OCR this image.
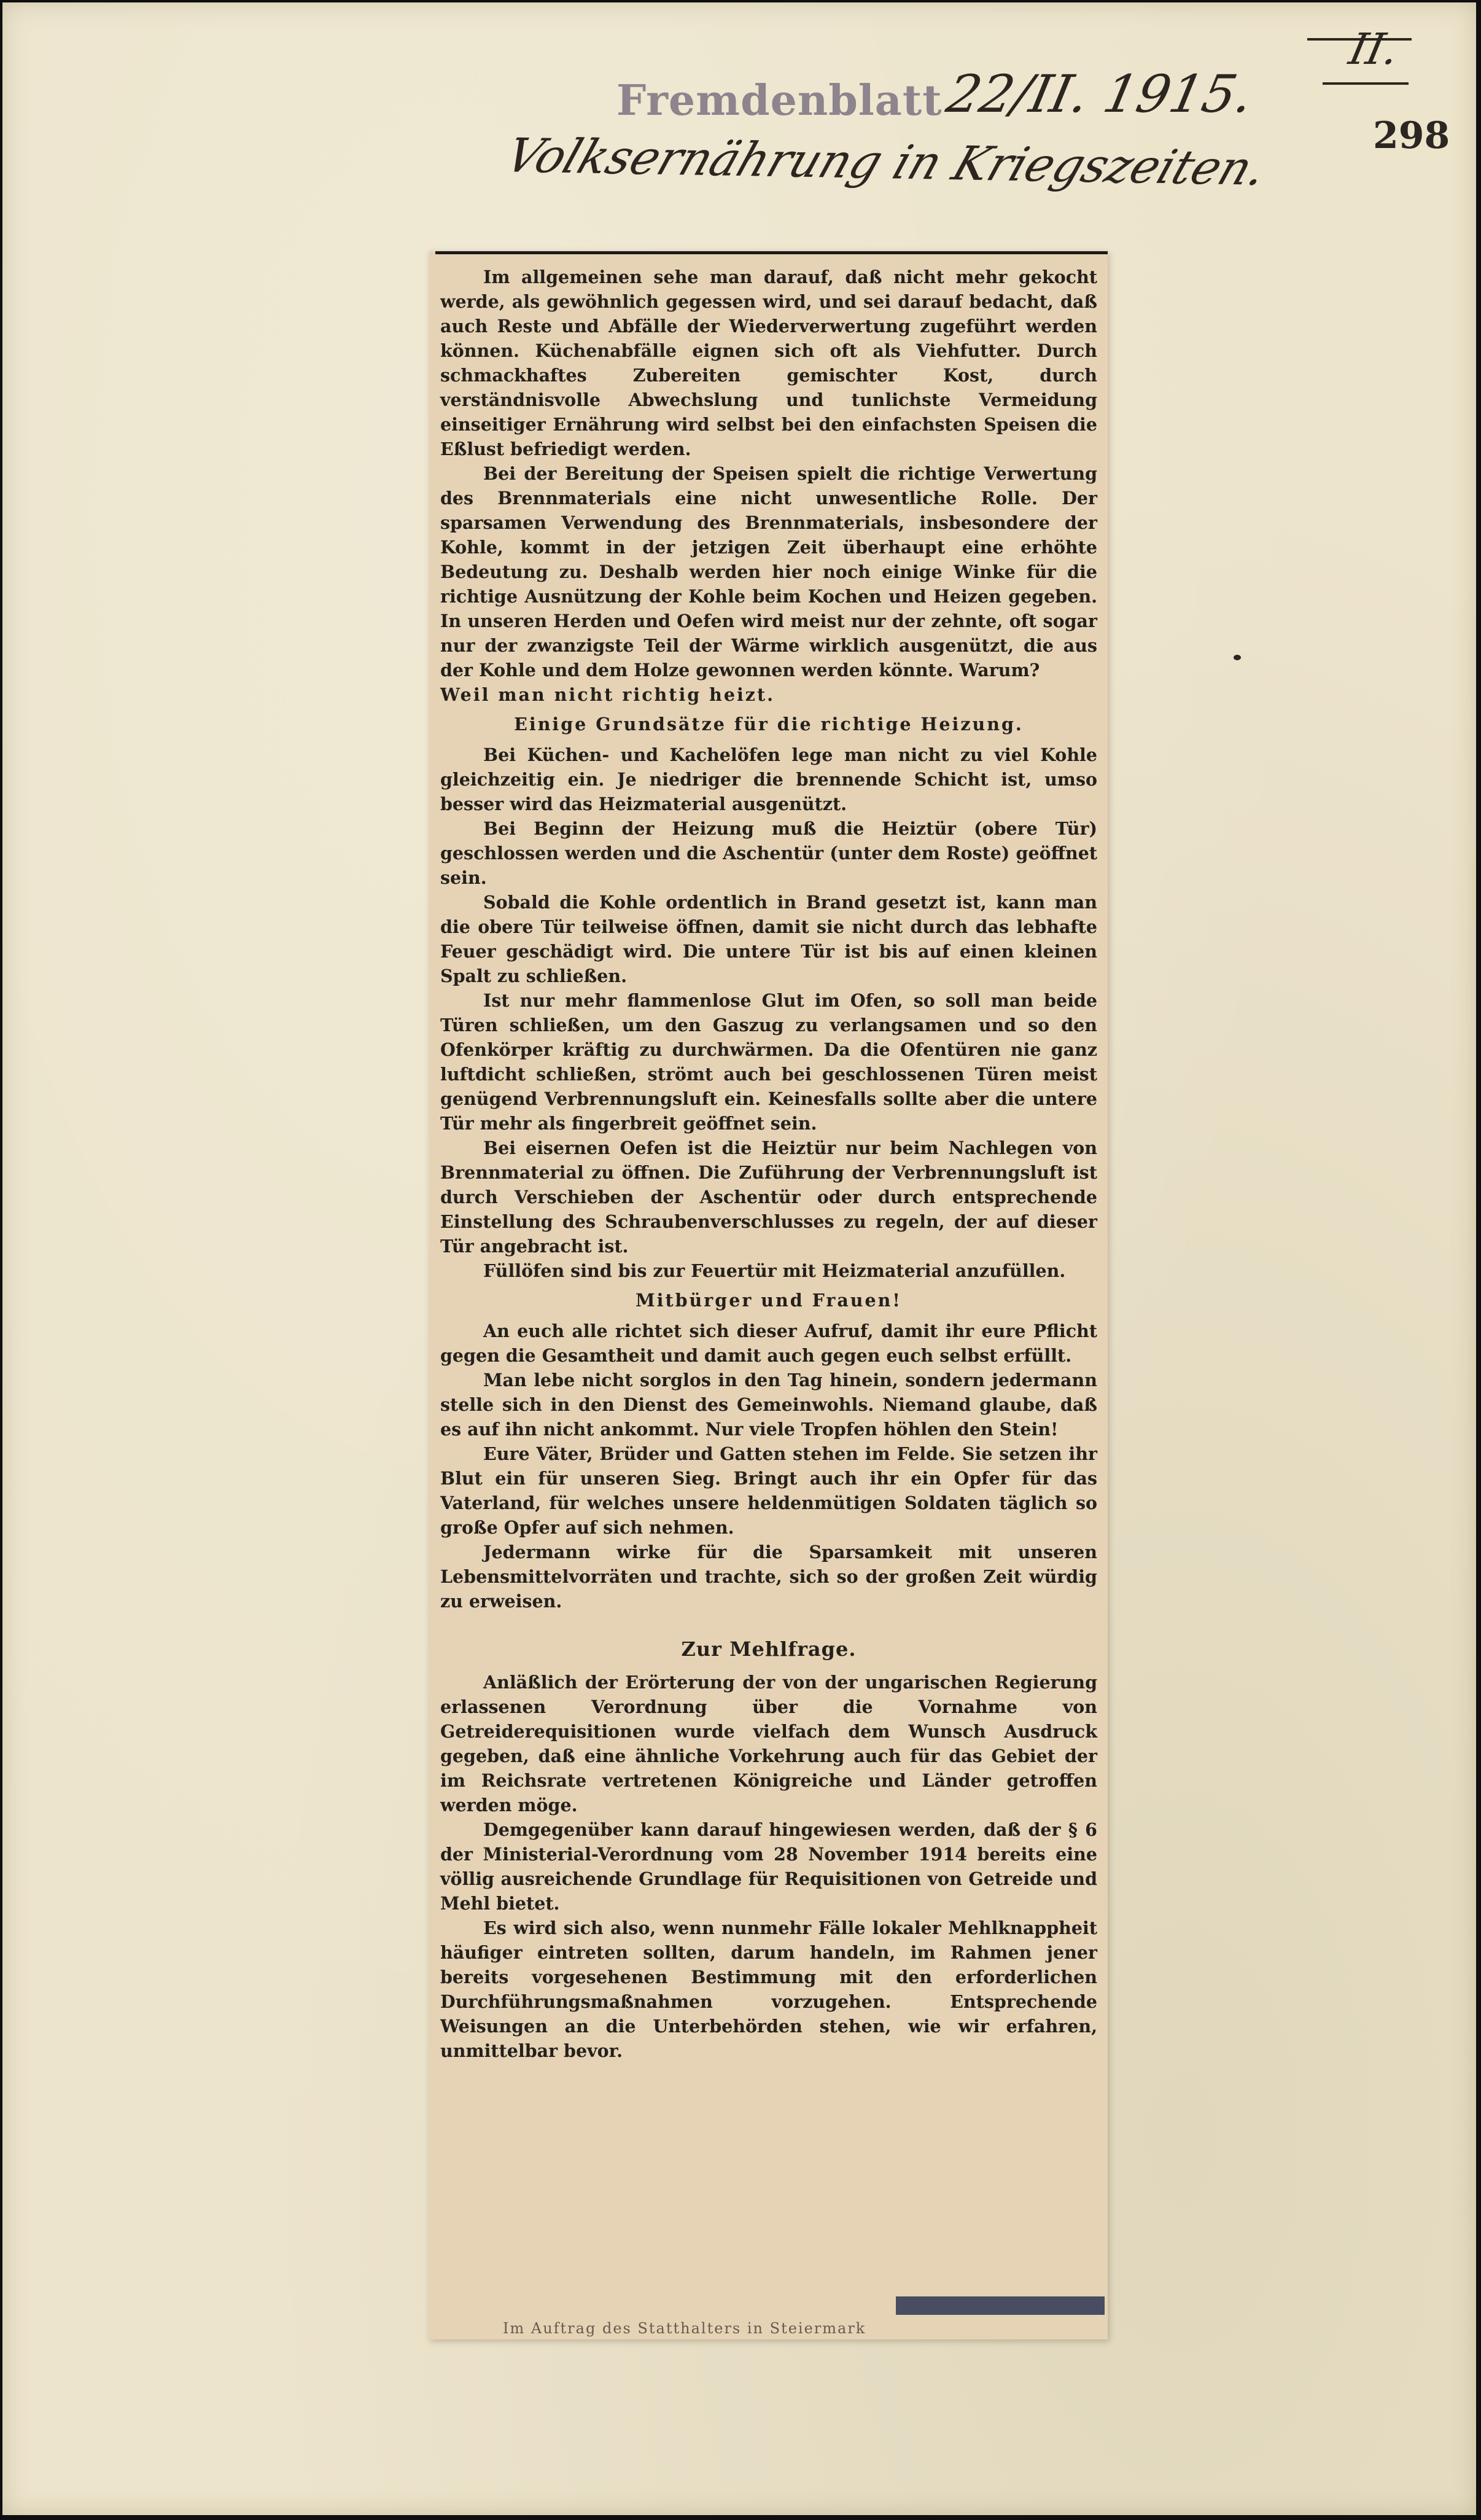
Fremdenblatt
22/II. 1915.
Volksernährung in Kriegszeiten.
II.
298

Im allgemeinen sehe man darauf, daß nicht mehr gekocht werde, als gewöhnlich gegessen wird, und sei darauf bedacht, daß auch Reste und Abfälle der Wiederverwertung zugeführt werden können. Küchenabfälle eignen sich oft als Viehfutter. Durch schmackhaftes Zubereiten gemischter Kost, durch verständnisvolle Abwechslung und tunlichste Vermeidung einseitiger Ernährung wird selbst bei den einfachsten Speisen die Eßlust befriedigt werden.

Bei der Bereitung der Speisen spielt die richtige Verwertung des Brennmaterials eine nicht unwesentliche Rolle. Der sparsamen Verwendung des Brennmaterials, insbesondere der Kohle, kommt in der jetzigen Zeit überhaupt eine erhöhte Bedeutung zu. Deshalb werden hier noch einige Winke für die richtige Ausnützung der Kohle beim Kochen und Heizen gegeben. In unseren Herden und Oefen wird meist nur der zehnte, oft sogar nur der zwanzigste Teil der Wärme wirklich ausgenützt, die aus der Kohle und dem Holze gewonnen werden könnte. Warum?

Weil man nicht richtig heizt.

Einige Grundsätze für die richtige Heizung.

Bei Küchen- und Kachelöfen lege man nicht zu viel Kohle gleichzeitig ein. Je niedriger die brennende Schicht ist, umso besser wird das Heizmaterial ausgenützt.

Bei Beginn der Heizung muß die Heiztür (obere Tür) geschlossen werden und die Aschentür (unter dem Roste) geöffnet sein.

Sobald die Kohle ordentlich in Brand gesetzt ist, kann man die obere Tür teilweise öffnen, damit sie nicht durch das lebhafte Feuer geschädigt wird. Die untere Tür ist bis auf einen kleinen Spalt zu schließen.

Ist nur mehr flammenlose Glut im Ofen, so soll man beide Türen schließen, um den Gaszug zu verlangsamen und so den Ofenkörper kräftig zu durchwärmen. Da die Ofentüren nie ganz luftdicht schließen, strömt auch bei geschlossenen Türen meist genügend Verbrennungsluft ein. Keinesfalls sollte aber die untere Tür mehr als fingerbreit geöffnet sein.

Bei eisernen Oefen ist die Heiztür nur beim Nachlegen von Brennmaterial zu öffnen. Die Zuführung der Verbrennungsluft ist durch Verschieben der Aschentür oder durch entsprechende Einstellung des Schraubenverschlusses zu regeln, der auf dieser Tür angebracht ist.

Füllöfen sind bis zur Feuertür mit Heizmaterial anzufüllen.

Mitbürger und Frauen!

An euch alle richtet sich dieser Aufruf, damit ihr eure Pflicht gegen die Gesamtheit und damit auch gegen euch selbst erfüllt.

Man lebe nicht sorglos in den Tag hinein, sondern jedermann stelle sich in den Dienst des Gemeinwohls. Niemand glaube, daß es auf ihn nicht ankommt. Nur viele Tropfen höhlen den Stein!

Eure Väter, Brüder und Gatten stehen im Felde. Sie setzen ihr Blut ein für unseren Sieg. Bringt auch ihr ein Opfer für das Vaterland, für welches unsere heldenmütigen Soldaten täglich so große Opfer auf sich nehmen.

Jedermann wirke für die Sparsamkeit mit unseren Lebensmittelvorräten und trachte, sich so der großen Zeit würdig zu erweisen.

Zur Mehlfrage.

Anläßlich der Erörterung der von der ungarischen Regierung erlassenen Verordnung über die Vornahme von Getreiderequisitionen wurde vielfach dem Wunsch Ausdruck gegeben, daß eine ähnliche Vorkehrung auch für das Gebiet der im Reichsrate vertretenen Königreiche und Länder getroffen werden möge.

Demgegenüber kann darauf hingewiesen werden, daß der § 6 der Ministerial-Verordnung vom 28 November 1914 bereits eine völlig ausreichende Grundlage für Requisitionen von Getreide und Mehl bietet.

Es wird sich also, wenn nunmehr Fälle lokaler Mehlknappheit häufiger eintreten sollten, darum handeln, im Rahmen jener bereits vorgesehenen Bestimmung mit den erforderlichen Durchführungsmaßnahmen vorzugehen. Entsprechende Weisungen an die Unterbehörden stehen, wie wir erfahren, unmittelbar bevor.

Im Auftrag des Statthalters in Steiermark
